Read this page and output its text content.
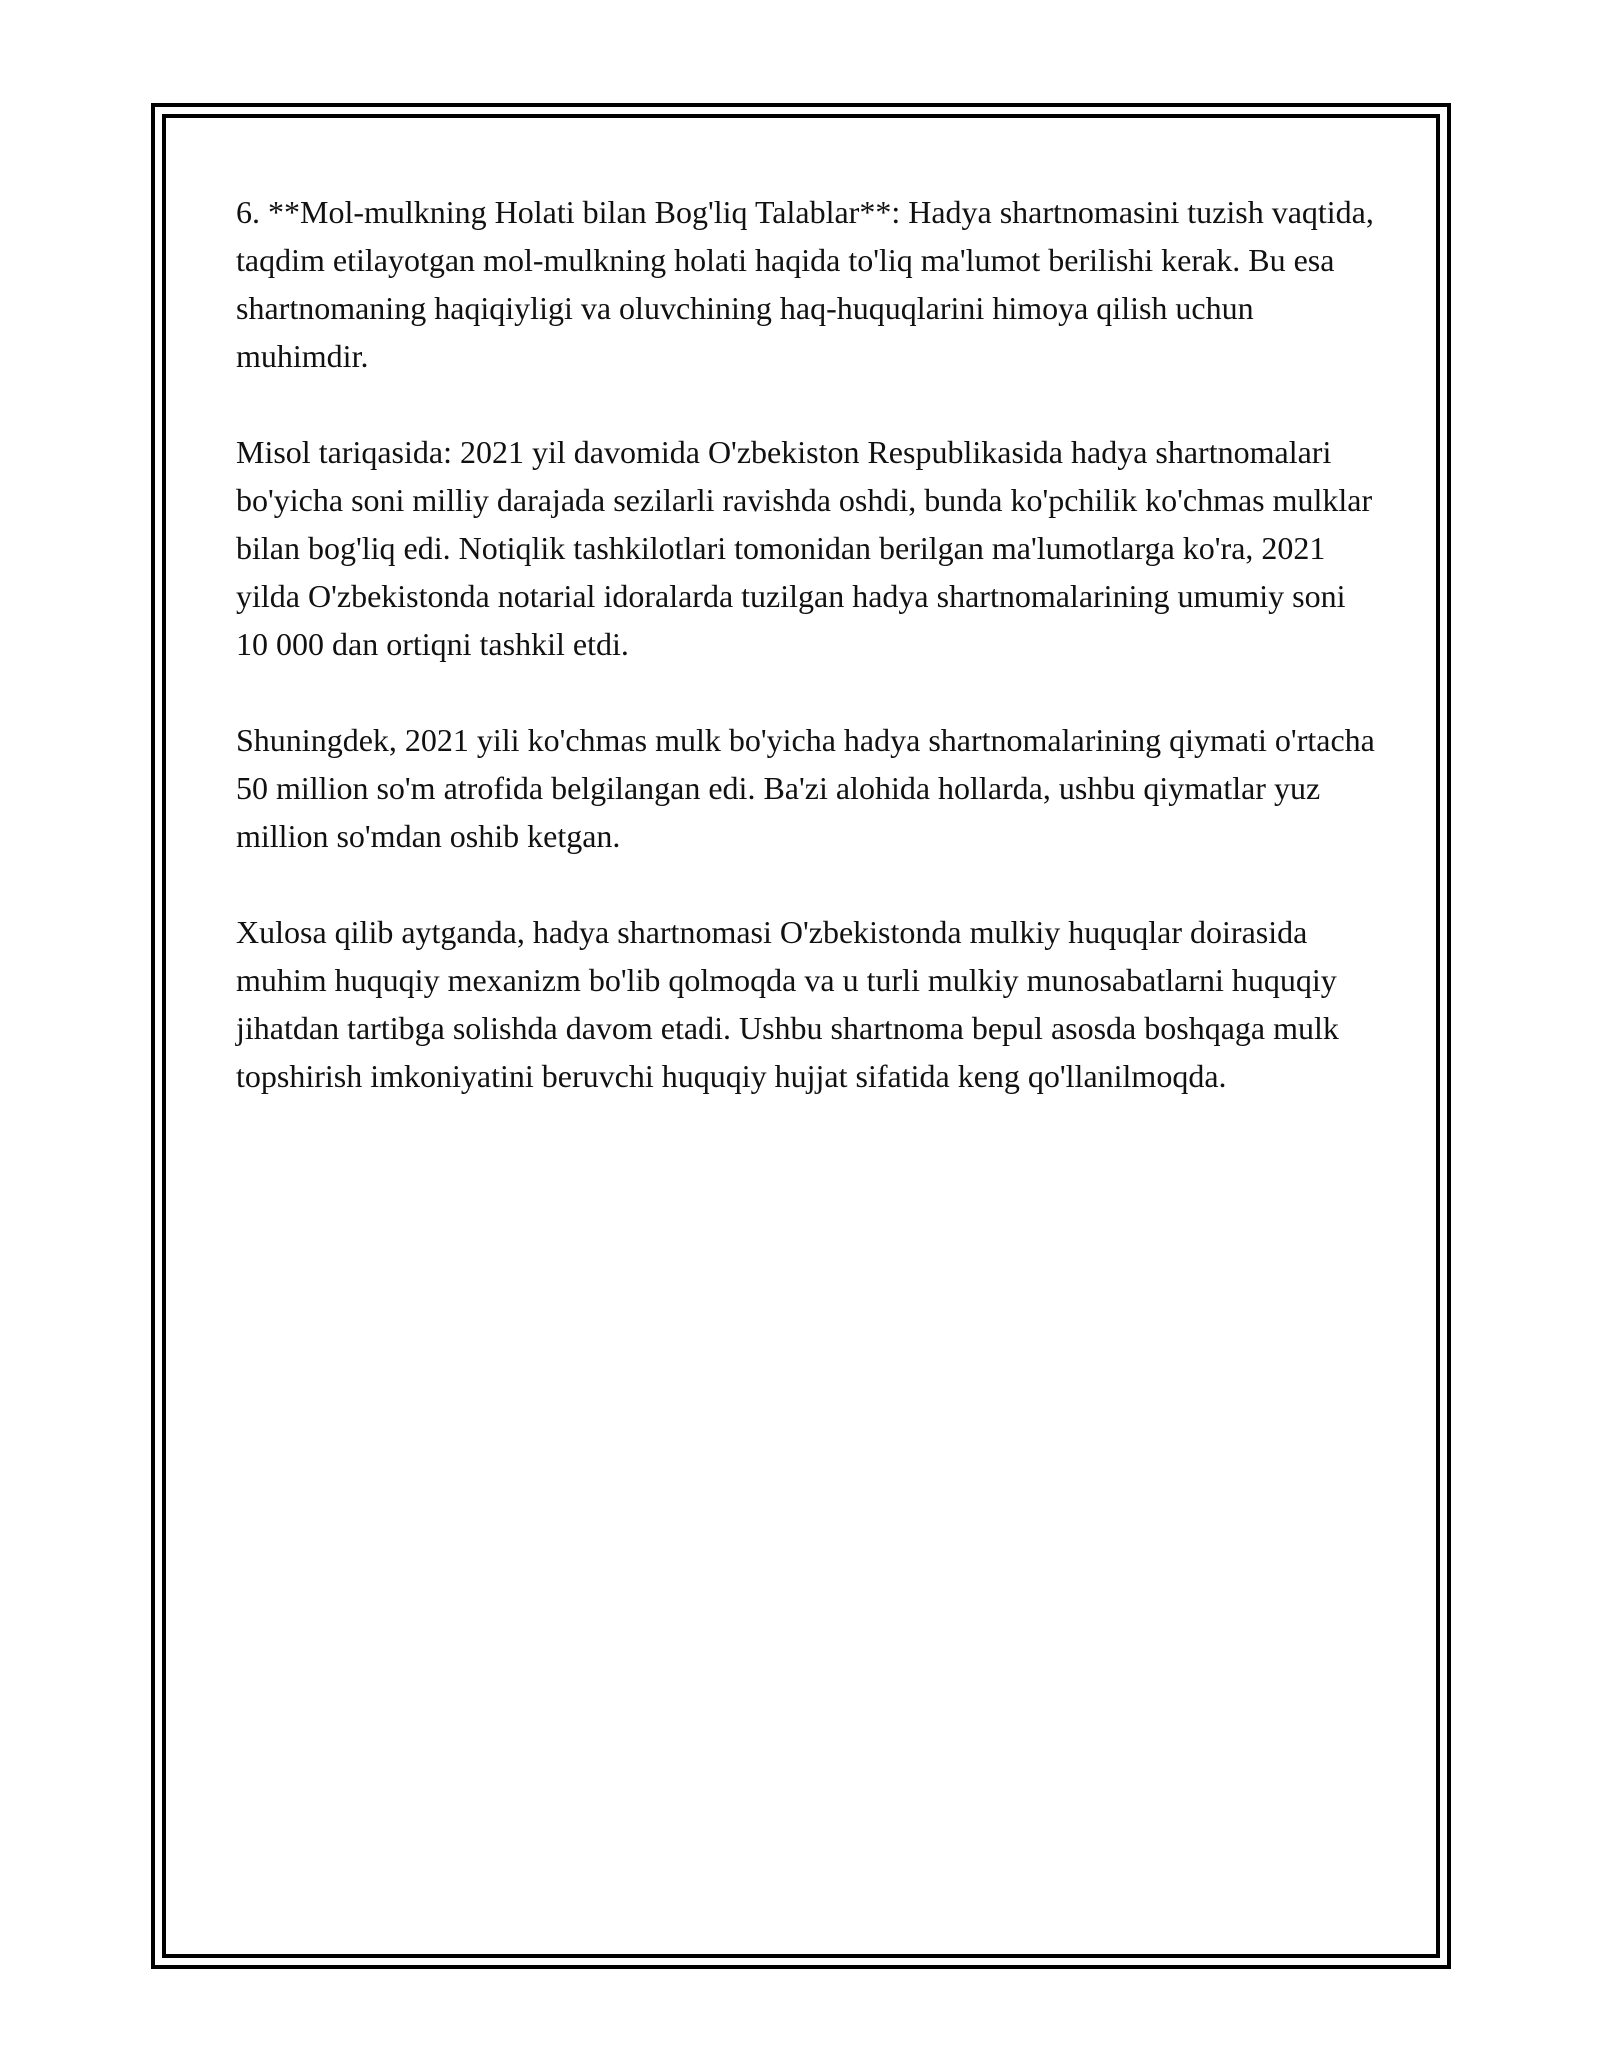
6. **Mol-mulkning Holati bilan Bog'liq Talablar**: Hadya shartnomasini tuzish vaqtida, taqdim etilayotgan mol-mulkning holati haqida to'liq ma'lumot berilishi kerak. Bu esa shartnomaning haqiqiyligi va oluvchining haq-huquqlarini himoya qilish uchun muhimdir.

Misol tariqasida: 2021 yil davomida O'zbekiston Respublikasida hadya shartnomalari bo'yicha soni milliy darajada sezilarli ravishda oshdi, bunda ko'pchilik ko'chmas mulklar bilan bog'liq edi. Notiqlik tashkilotlari tomonidan berilgan ma'lumotlarga ko'ra, 2021 yilda O'zbekistonda notarial idoralarda tuzilgan hadya shartnomalarining umumiy soni 10 000 dan ortiqni tashkil etdi.

Shuningdek, 2021 yili ko'chmas mulk bo'yicha hadya shartnomalarining qiymati o'rtacha 50 million so'm atrofida belgilangan edi. Ba'zi alohida hollarda, ushbu qiymatlar yuz million so'mdan oshib ketgan.

Xulosa qilib aytganda, hadya shartnomasi O'zbekistonda mulkiy huquqlar doirasida muhim huquqiy mexanizm bo'lib qolmoqda va u turli mulkiy munosabatlarni huquqiy jihatdan tartibga solishda davom etadi. Ushbu shartnoma bepul asosda boshqaga mulk topshirish imkoniyatini beruvchi huquqiy hujjat sifatida keng qo'llanilmoqda.
